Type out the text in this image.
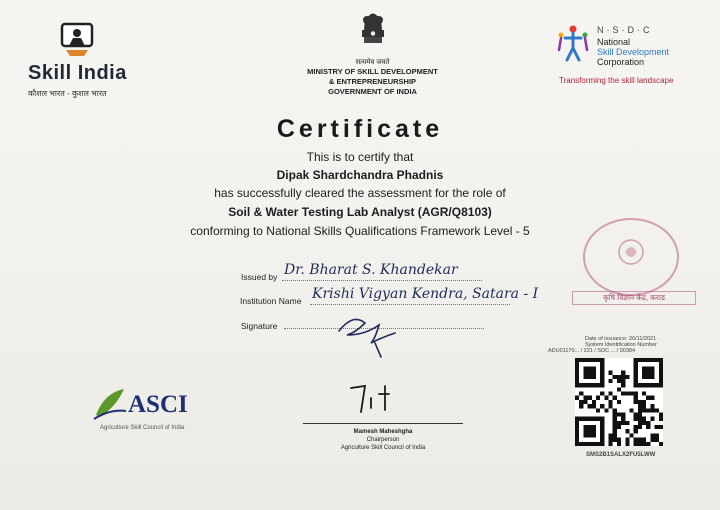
Skill India
कौशल भारत - कुशल भारत
सत्यमेव जयते
MINISTRY OF SKILL DEVELOPMENT
& ENTREPRENEURSHIP
GOVERNMENT OF INDIA
N·S·D·C
National
Skill Development
Corporation
Transforming the skill landscape
Certificate
This is to certify that
Dipak Shardchandra Phadnis
has successfully cleared the assessment for the role of
Soil & Water Testing Lab Analyst (AGR/Q8103)
conforming to National Skills Qualifications Framework Level - 5
Issued by Dr. Bharat S. Khandekar
Institution Name Krishi Vigyan Kendra, Satara - I
Signature
कृषि विज्ञान केंद्र, कराड
Date of issuance: 26/11/2021
System Identification Number
ADU01170... / 221 / SDC ... / 00384
SMS2B1SALX2FU5LWW
ASCI
Agriculture Skill Council of India
Mamesh Maheshgha
Chairperson
Agriculture Skill Council of India
